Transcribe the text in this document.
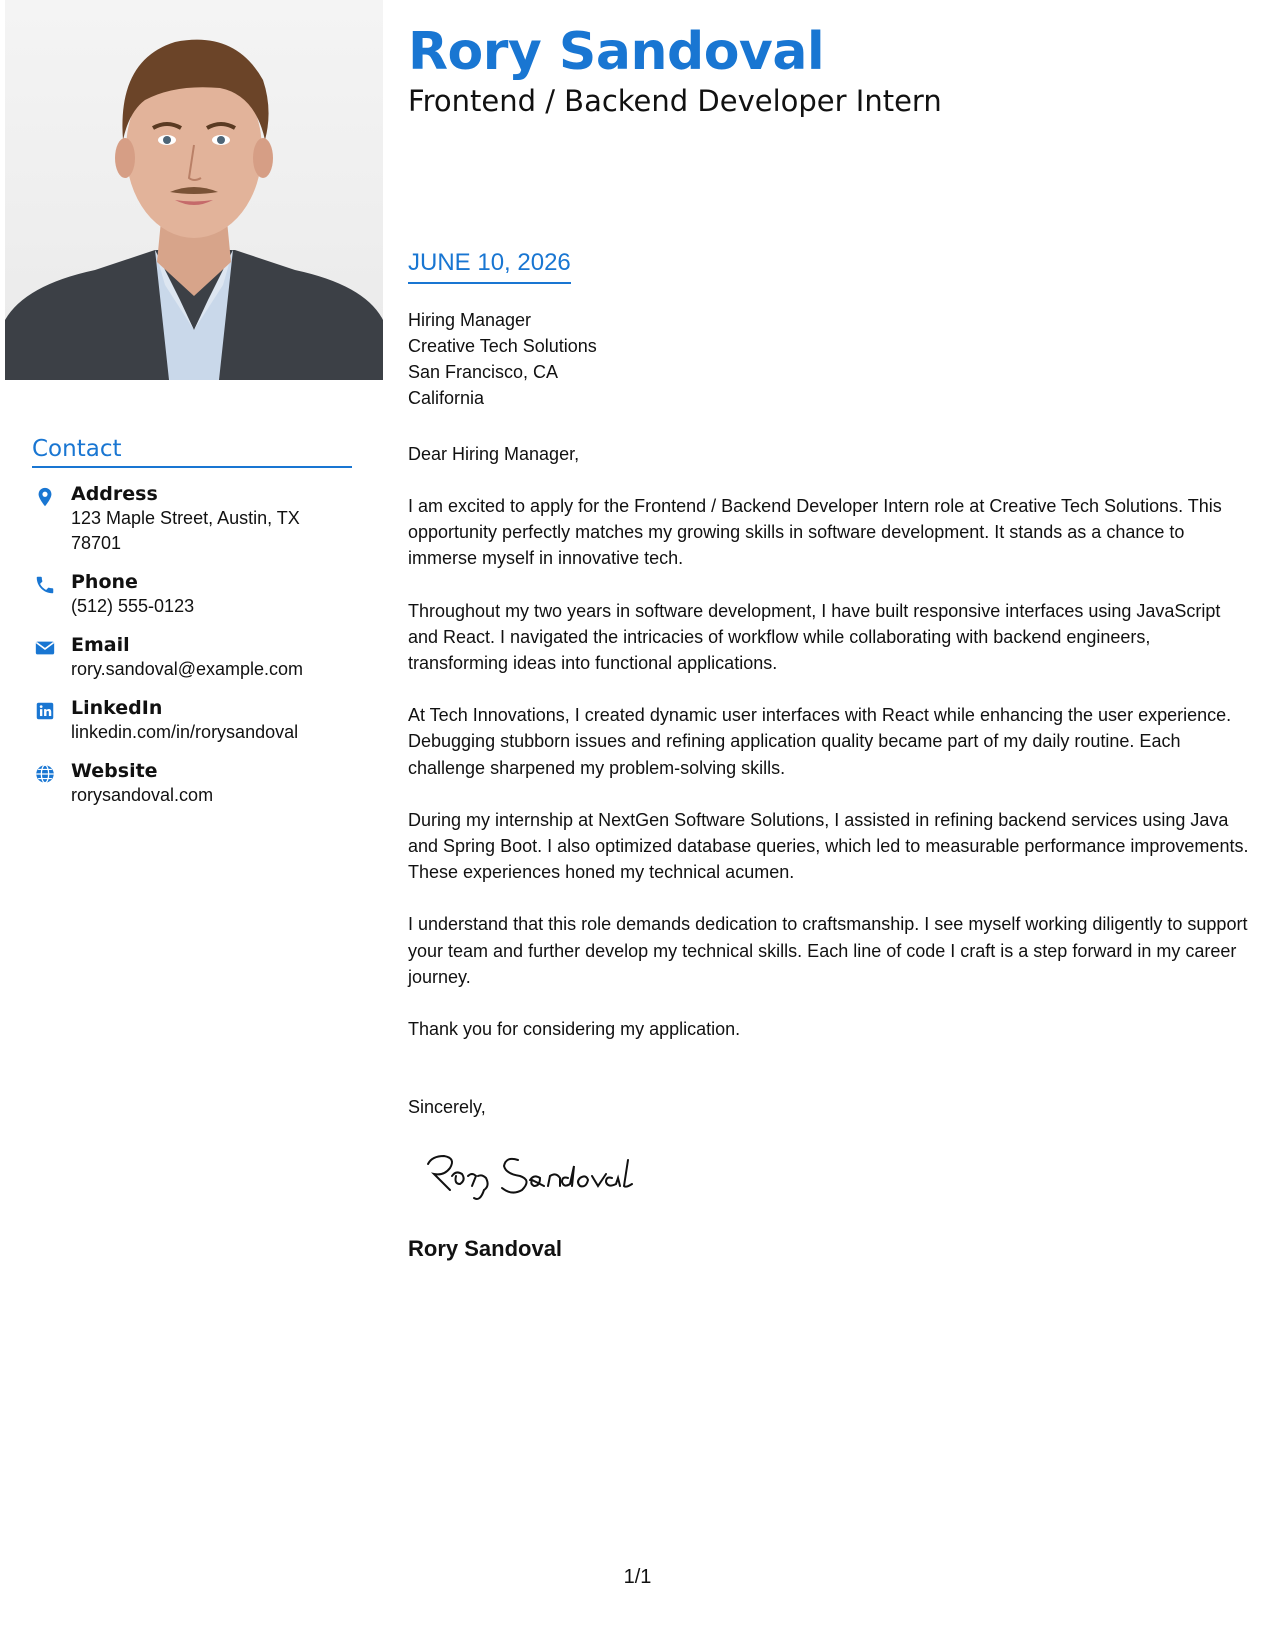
Contact
Address
123 Maple Street, Austin, TX 78701
Phone
(512) 555-0123
Email
rory.sandoval@example.com
LinkedIn
linkedin.com/in/rorysandoval
Website
rorysandoval.com
Rory Sandoval
Frontend / Backend Developer Intern
JUNE 10, 2026
Hiring Manager
Creative Tech Solutions
San Francisco, CA
California
Dear Hiring Manager,

I am excited to apply for the Frontend / Backend Developer Intern role at Creative Tech Solutions. This opportunity perfectly matches my growing skills in software development. It stands as a chance to immerse myself in innovative tech.

Throughout my two years in software development, I have built responsive interfaces using JavaScript and React. I navigated the intricacies of workflow while collaborating with backend engineers, transforming ideas into functional applications.

At Tech Innovations, I created dynamic user interfaces with React while enhancing the user experience. Debugging stubborn issues and refining application quality became part of my daily routine. Each challenge sharpened my problem-solving skills.

During my internship at NextGen Software Solutions, I assisted in refining backend services using Java and Spring Boot. I also optimized database queries, which led to measurable performance improvements. These experiences honed my technical acumen.

I understand that this role demands dedication to craftsmanship. I see myself working diligently to support your team and further develop my technical skills. Each line of code I craft is a step forward in my career journey.

Thank you for considering my application.

Sincerely,
Rory Sandoval
1/1
